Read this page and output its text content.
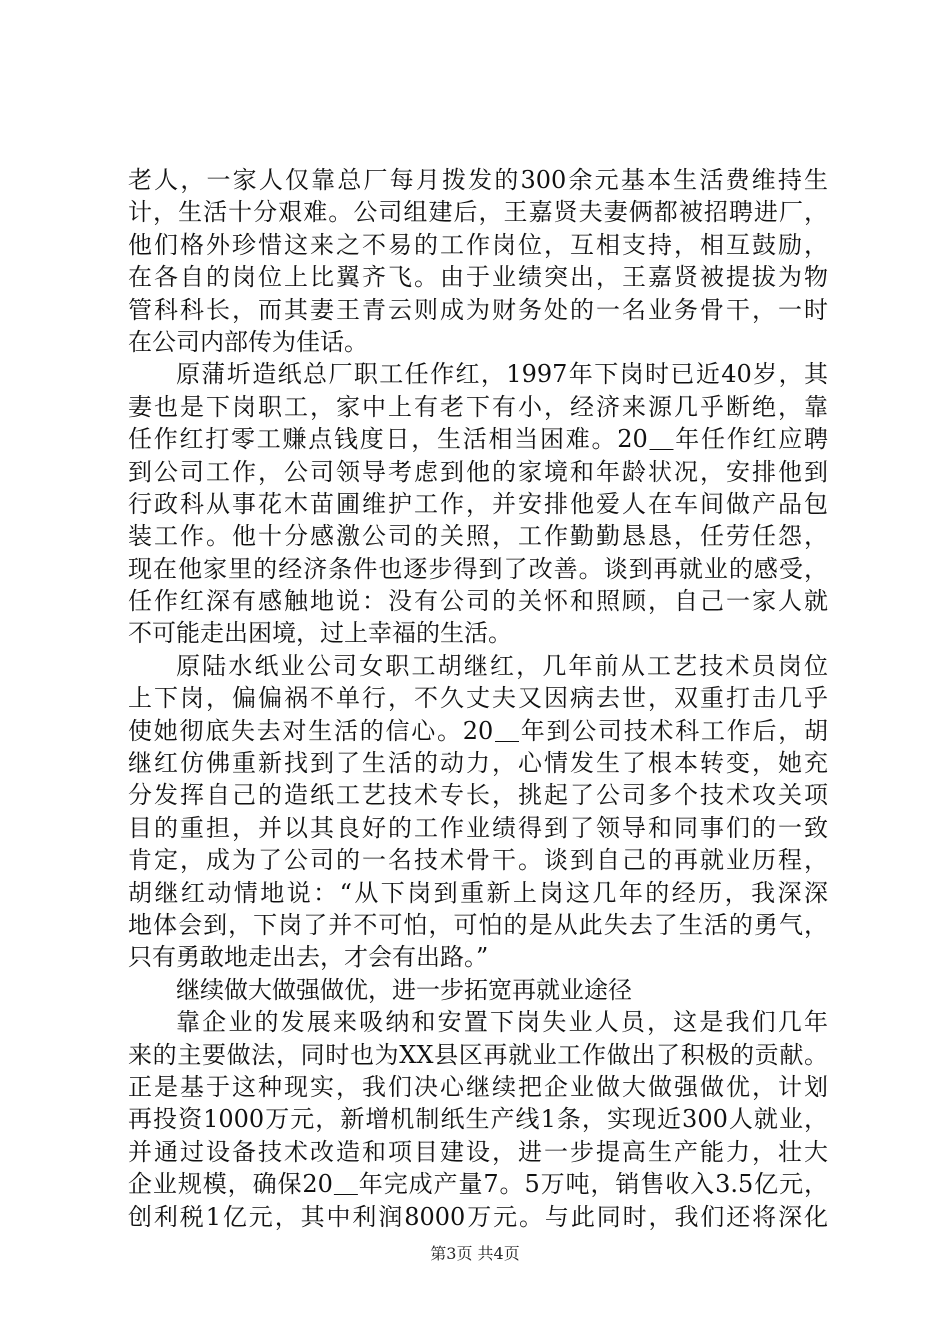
老人，一家人仅靠总厂每月拨发的300余元基本生活费维持生
计，生活十分艰难。公司组建后，王嘉贤夫妻俩都被招聘进厂，
他们格外珍惜这来之不易的工作岗位，互相支持，相互鼓励，
在各自的岗位上比翼齐飞。由于业绩突出，王嘉贤被提拔为物
管科科长，而其妻王青云则成为财务处的一名业务骨干，一时
在公司内部传为佳话。
原蒲圻造纸总厂职工任作红，1997年下岗时已近40岁，其
妻也是下岗职工，家中上有老下有小，经济来源几乎断绝，靠
任作红打零工赚点钱度日，生活相当困难。20＿年任作红应聘
到公司工作，公司领导考虑到他的家境和年龄状况，安排他到
行政科从事花木苗圃维护工作，并安排他爱人在车间做产品包
装工作。他十分感激公司的关照，工作勤勤恳恳，任劳任怨，
现在他家里的经济条件也逐步得到了改善。谈到再就业的感受，
任作红深有感触地说：没有公司的关怀和照顾，自己一家人就
不可能走出困境，过上幸福的生活。
原陆水纸业公司女职工胡继红，几年前从工艺技术员岗位
上下岗，偏偏祸不单行，不久丈夫又因病去世，双重打击几乎
使她彻底失去对生活的信心。20＿年到公司技术科工作后，胡
继红仿佛重新找到了生活的动力，心情发生了根本转变，她充
分发挥自己的造纸工艺技术专长，挑起了公司多个技术攻关项
目的重担，并以其良好的工作业绩得到了领导和同事们的一致
肯定，成为了公司的一名技术骨干。谈到自己的再就业历程，
胡继红动情地说：“从下岗到重新上岗这几年的经历，我深深
地体会到，下岗了并不可怕，可怕的是从此失去了生活的勇气，
只有勇敢地走出去，才会有出路。”
继续做大做强做优，进一步拓宽再就业途径
靠企业的发展来吸纳和安置下岗失业人员，这是我们几年
来的主要做法，同时也为XX县区再就业工作做出了积极的贡献。
正是基于这种现实，我们决心继续把企业做大做强做优，计划
再投资1000万元，新增机制纸生产线1条，实现近300人就业，
并通过设备技术改造和项目建设，进一步提高生产能力，壮大
企业规模，确保20＿年完成产量7。5万吨，销售收入3.5亿元，
创利税1亿元，其中利润8000万元。与此同时，我们还将深化
第3页 共4页
